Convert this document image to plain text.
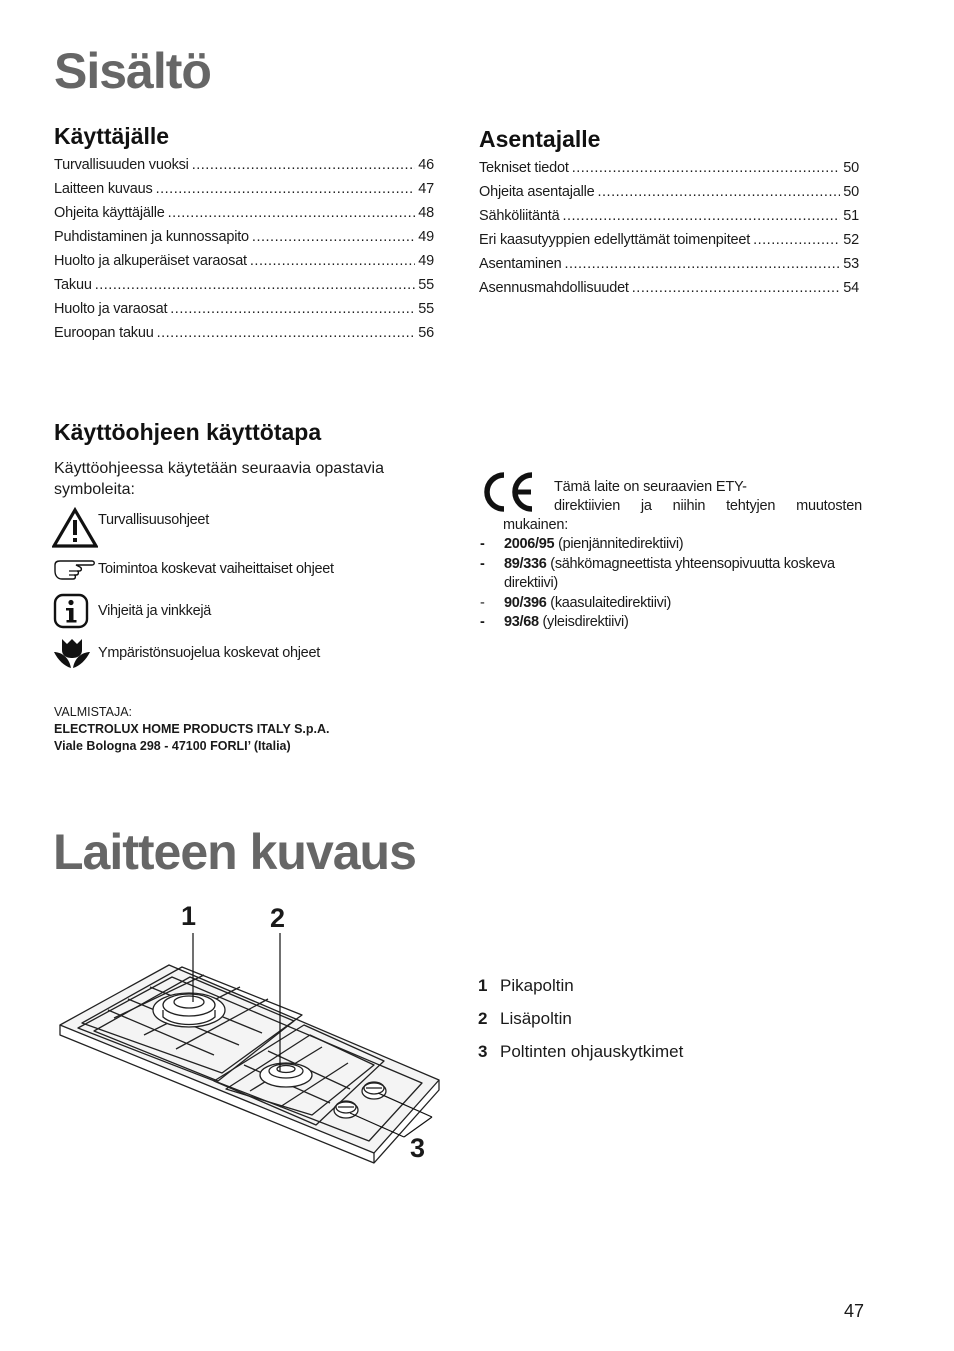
Sisältö
Käyttäjälle
Turvallisuuden vuoksi .....	46
Laitteen kuvaus .....	47
Ohjeita käyttäjälle .....	48
Puhdistaminen ja kunnossapito .....	49
Huolto ja alkuperäiset varaosat .....	49
Takuu .....	55
Huolto ja varaosat .....	55
Euroopan takuu .....	56
Asentajalle
Tekniset tiedot .....	50
Ohjeita asentajalle .....	50
Sähköliitäntä .....	51
Eri kaasutyyppien edellyttämät toimenpiteet .....	52
Asentaminen .....	53
Asennusmahdollisuudet .....	54
Käyttöohjeen käyttötapa
Käyttöohjeessa käytetään seuraavia opastavia symboleita:
Turvallisuusohjeet
Toimintoa koskevat vaiheittaiset ohjeet
Vihjeitä ja vinkkejä
Ympäristönsuojelua koskevat ohjeet
VALMISTAJA:
ELECTROLUX HOME PRODUCTS ITALY S.p.A.
Viale Bologna 298 - 47100 FORLI’ (Italia)
Tämä laite on seuraavien ETY-
direktiivien ja niihin tehtyjen muutosten
mukainen:
-	2006/95 (pienjännitedirektiivi)
-	89/336 (sähkömagneettista yhteensopivuutta koskeva direktiivi)
-	90/396 (kaasulaitedirektiivi)
-	93/68 (yleisdirektiivi)
Laitteen kuvaus
1	2
3
1 Pikapoltin
2 Lisäpoltin
3 Poltinten ohjauskytkimet
47
